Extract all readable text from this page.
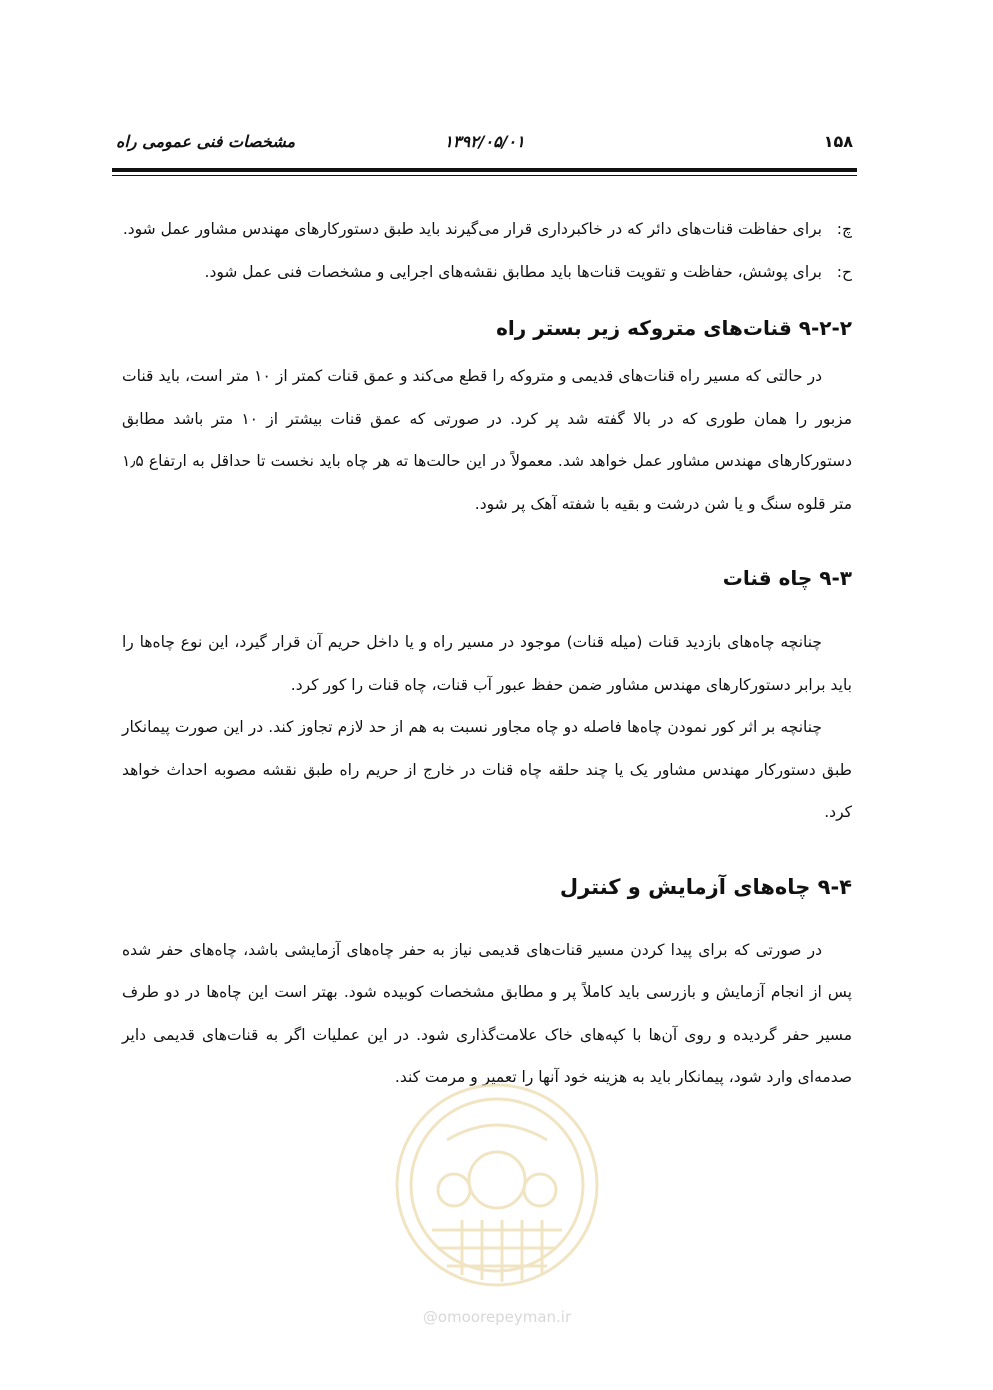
۱۵۸
۱۳۹۲/۰۵/۰۱
مشخصات فنی عمومی راه
چ:
برای حفاظت قنات‌های دائر که در خاکبرداری قرار می‌گیرند باید طبق دستورکارهای مهندس مشاور عمل شود.
ح:
برای پوشش، حفاظت و تقویت قنات‌ها باید مطابق نقشه‌های اجرایی و مشخصات فنی عمل شود.
۹-۲-۲ قنات‌های متروکه زیر بستر راه

در حالتی که مسیر راه قنات‌های قدیمی و متروکه را قطع می‌کند و عمق قنات کمتر از ۱۰ متر است، باید قنات مزبور را همان طوری که در بالا گفته شد پر کرد. در صورتی که عمق قنات بیشتر از ۱۰ متر باشد مطابق دستورکارهای مهندس مشاور عمل خواهد شد. معمولاً در این حالت‌ها ته هر چاه باید نخست تا حداقل به ارتفاع ۱٫۵ متر قلوه سنگ و یا شن درشت و بقیه با شفته آهک پر شود.

۹-۳ چاه قنات

چنانچه چاه‌های بازدید قنات (میله قنات) موجود در مسیر راه و یا داخل حریم آن قرار گیرد، این نوع چاه‌ها را باید برابر دستورکارهای مهندس مشاور ضمن حفظ عبور آب قنات، چاه قنات را کور کرد.

چنانچه بر اثر کور نمودن چاه‌ها فاصله دو چاه مجاور نسبت به هم از حد لازم تجاوز کند. در این صورت پیمانکار طبق دستورکار مهندس مشاور یک یا چند حلقه چاه قنات در خارج از حریم راه طبق نقشه مصوبه احداث خواهد کرد.

۹-۴ چاه‌های آزمایش و کنترل

در صورتی که برای پیدا کردن مسیر قنات‌های قدیمی نیاز به حفر چاه‌های آزمایشی باشد، چاه‌های حفر شده پس از انجام آزمایش و بازرسی باید کاملاً پر و مطابق مشخصات کوبیده شود. بهتر است این چاه‌ها در دو طرف مسیر حفر گردیده و روی آن‌ها با کپه‌های خاک علامت‌گذاری شود. در این عملیات اگر به قنات‌های قدیمی دایر صدمه‌ای وارد شود، پیمانکار باید به هزینه خود آنها را تعمیر و مرمت کند.

@omoorepeyman.ir
